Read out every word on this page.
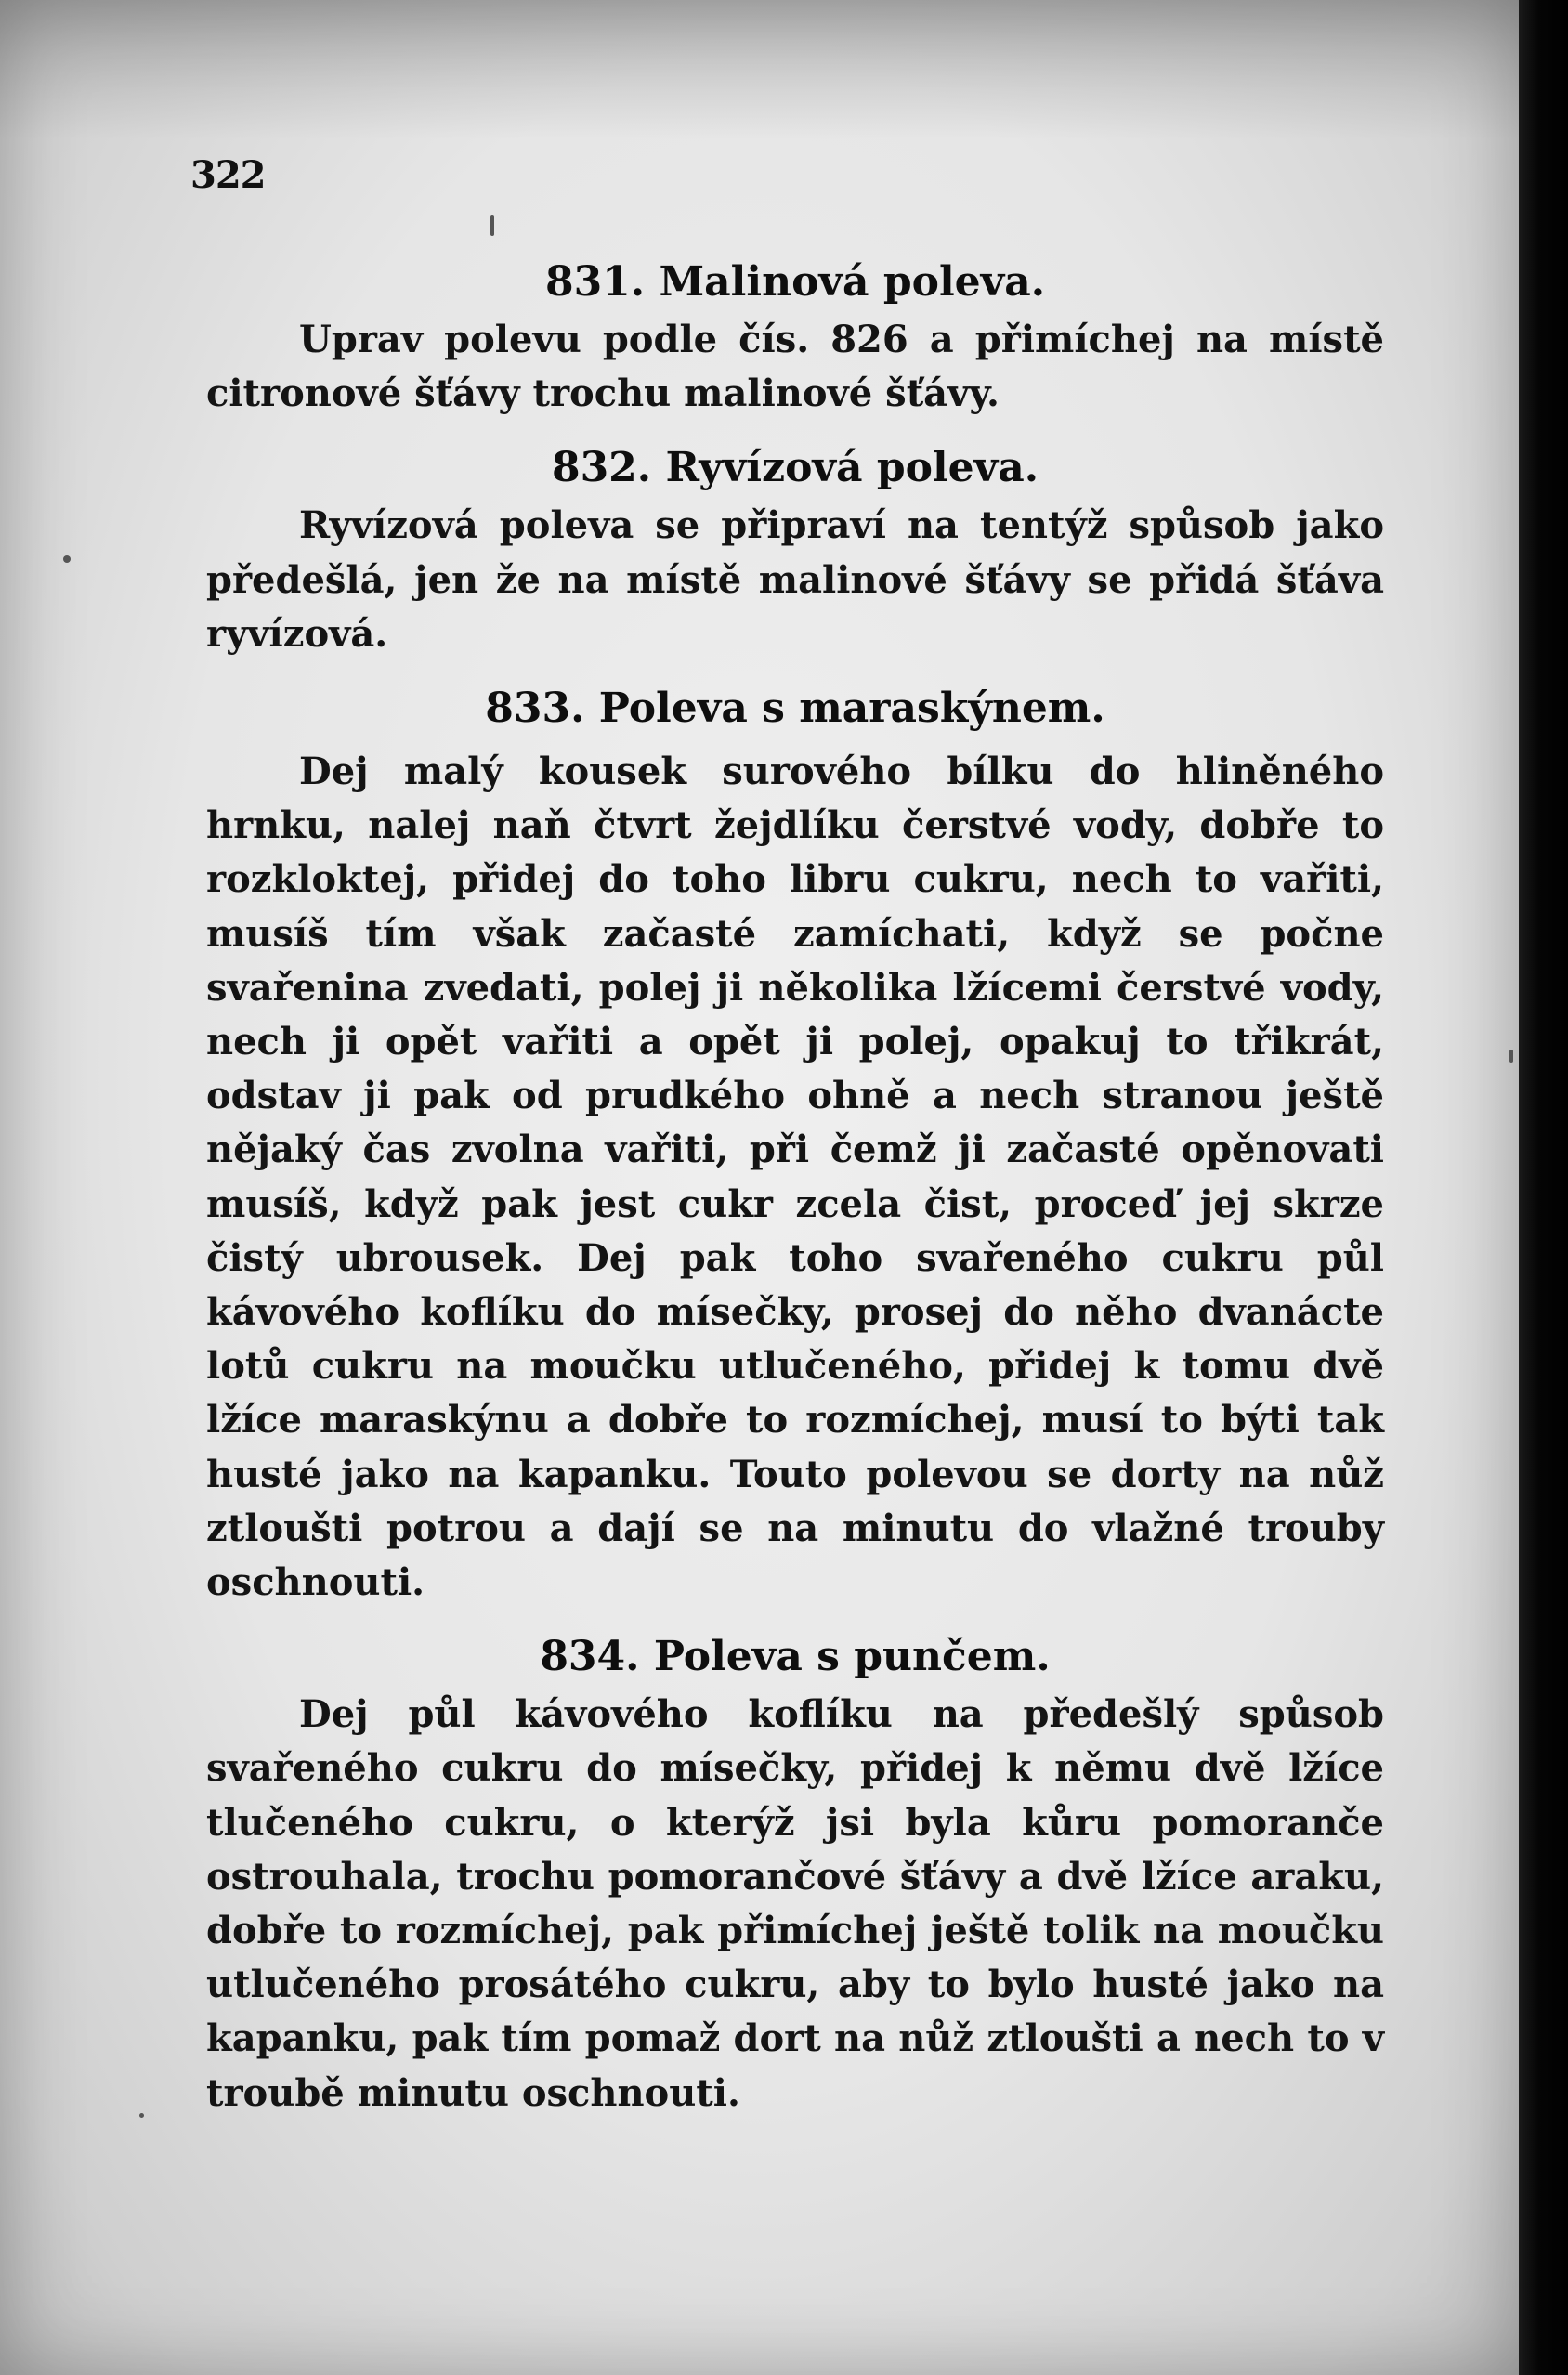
322
831. Malinová poleva.

Uprav polevu podle čís. 826 a přimíchej na místě citronové šťávy trochu malinové šťávy.

832. Ryvízová poleva.

Ryvízová poleva se připraví na tentýž spůsob jako předešlá, jen že na místě malinové šťávy se přidá šťáva ryvízová.

833. Poleva s maraskýnem.

Dej malý kousek surového bílku do hliněného hrnku, nalej naň čtvrt žejdlíku čerstvé vody, dobře to rozkloktej, přidej do toho libru cukru, nech to vařiti, musíš tím však začasté zamíchati, když se počne svařenina zvedati, polej ji několika lžícemi čerstvé vody, nech ji opět vařiti a opět ji polej, opakuj to třikrát, odstav ji pak od prudkého ohně a nech stranou ještě nějaký čas zvolna vařiti, při čemž ji začasté opěnovati musíš, když pak jest cukr zcela čist, proceď jej skrze čistý ubrousek. Dej pak toho svařeného cukru půl kávového koflíku do mísečky, prosej do něho dvanácte lotů cukru na moučku utlučeného, přidej k tomu dvě lžíce maraskýnu a dobře to rozmíchej, musí to býti tak husté jako na kapanku. Touto polevou se dorty na nůž ztloušti potrou a dají se na minutu do vlažné trouby oschnouti.

834. Poleva s punčem.

Dej půl kávového koflíku na předešlý spůsob svařeného cukru do mísečky, přidej k němu dvě lžíce tlučeného cukru, o kterýž jsi byla kůru pomoranče ostrouhala, trochu pomorančové šťávy a dvě lžíce araku, dobře to rozmíchej, pak přimíchej ještě tolik na moučku utlučeného prosátého cukru, aby to bylo husté jako na kapanku, pak tím pomaž dort na nůž ztloušti a nech to v troubě minutu oschnouti.
